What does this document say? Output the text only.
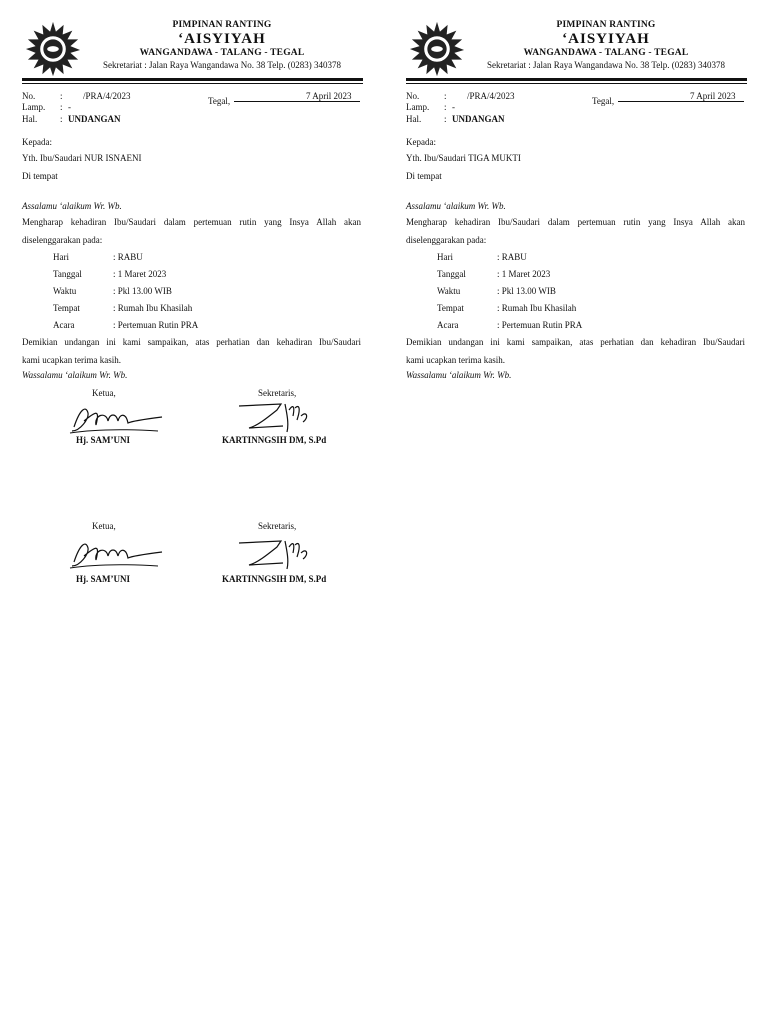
PIMPINAN RANTING
‘AISYIYAH
WANGANDAWA - TALANG - TEGAL
Sekretariat : Jalan Raya Wangandawa No. 38 Telp. (0283) 340378
No.	: /PRA/4/2023	Tegal,	7 April 2023
Lamp. : -
Hal.	: UNDANGAN
Kepada:
Yth. Ibu/Saudari NUR ISNAENI
Di tempat
Assalamu ‘alaikum Wr. Wb.
Mengharap kehadiran Ibu/Saudari dalam pertemuan rutin yang Insya Allah akan
diselenggarakan pada:
Hari	: RABU
Tanggal	: 1 Maret 2023
Waktu	: Pkl 13.00 WIB
Tempat	: Rumah Ibu Khasilah
Acara	: Pertemuan Rutin PRA
Demikian undangan ini kami sampaikan, atas perhatian dan kehadiran Ibu/Saudari
kami ucapkan terima kasih.
Wassalamu ‘alaikum Wr. Wb.
Ketua,	Sekretaris,
Hj. SAM’UNI	KARTINNGSIH DM, S.Pd
Ketua,	Sekretaris,
Hj. SAM’UNI	KARTINNGSIH DM, S.Pd
PIMPINAN RANTING
‘AISYIYAH
WANGANDAWA - TALANG - TEGAL
Sekretariat : Jalan Raya Wangandawa No. 38 Telp. (0283) 340378
No.	: /PRA/4/2023	Tegal,	7 April 2023
Lamp. : -
Hal.	: UNDANGAN
Kepada:
Yth. Ibu/Saudari TIGA MUKTI
Di tempat
Assalamu ‘alaikum Wr. Wb.
Mengharap kehadiran Ibu/Saudari dalam pertemuan rutin yang Insya Allah akan
diselenggarakan pada:
Hari	: RABU
Tanggal	: 1 Maret 2023
Waktu	: Pkl 13.00 WIB
Tempat	: Rumah Ibu Khasilah
Acara	: Pertemuan Rutin PRA
Demikian undangan ini kami sampaikan, atas perhatian dan kehadiran Ibu/Saudari
kami ucapkan terima kasih.
Wassalamu ‘alaikum Wr. Wb.
